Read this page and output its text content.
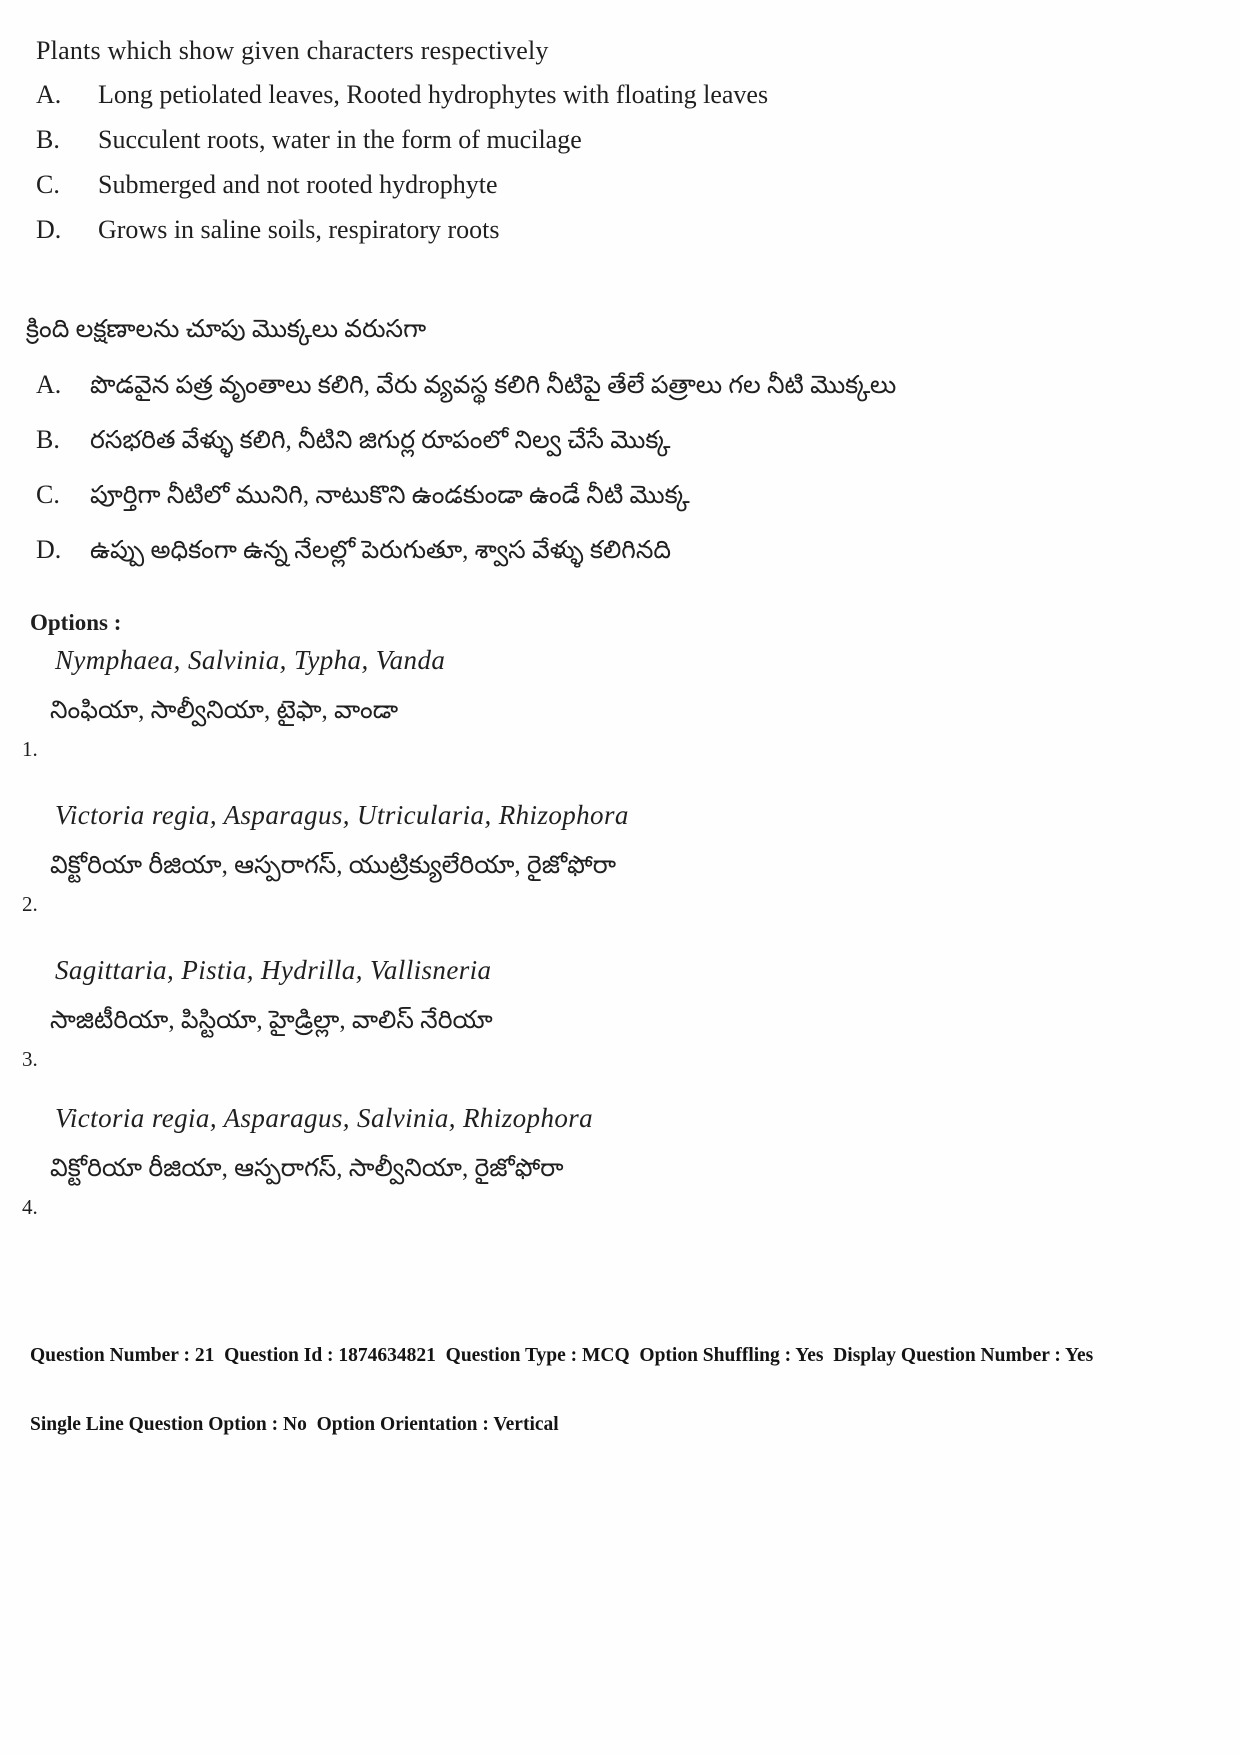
Plants which show given characters respectively
A.	Long petiolated leaves, Rooted hydrophytes with floating leaves
B.	Succulent roots, water in the form of mucilage
C.	Submerged and not rooted hydrophyte
D.	Grows in saline soils, respiratory roots
క్రింది లక్షణాలను చూపు మొక్కలు వరుసగా
A.	పొడవైన పత్ర వృంతాలు కలిగి, వేరు వ్యవస్థ కలిగి నీటిపై తేలే పత్రాలు గల నీటి మొక్కలు
B.	రసభరిత వేళ్ళు కలిగి, నీటిని జిగుర్ల రూపంలో నిల్వ చేసే మొక్క
C.	పూర్తిగా నీటిలో మునిగి, నాటుకొని ఉండకుండా ఉండే నీటి మొక్క
D.	ఉప్పు అధికంగా ఉన్న నేలల్లో పెరుగుతూ, శ్వాస వేళ్ళు కలిగినది
Options :
Nymphaea, Salvinia, Typha, Vanda
నింఫియా, సాల్వీనియా, టైఫా, వాండా
1.
Victoria regia, Asparagus, Utricularia, Rhizophora
విక్టోరియా రీజియా, ఆస్పరాగస్, యుట్రిక్యులేరియా, రైజోఫోరా
2.
Sagittaria, Pistia, Hydrilla, Vallisneria
సాజిటీరియా, పిస్టియా, హైడ్రిల్లా, వాలిస్ నేరియా
3.
Victoria regia, Asparagus, Salvinia, Rhizophora
విక్టోరియా రీజియా, ఆస్పరాగస్, సాల్వీనియా, రైజోఫోరా
4.

Question Number : 21  Question Id : 1874634821  Question Type : MCQ  Option Shuffling : Yes  Display Question Number : Yes

Single Line Question Option : No  Option Orientation : Vertical
